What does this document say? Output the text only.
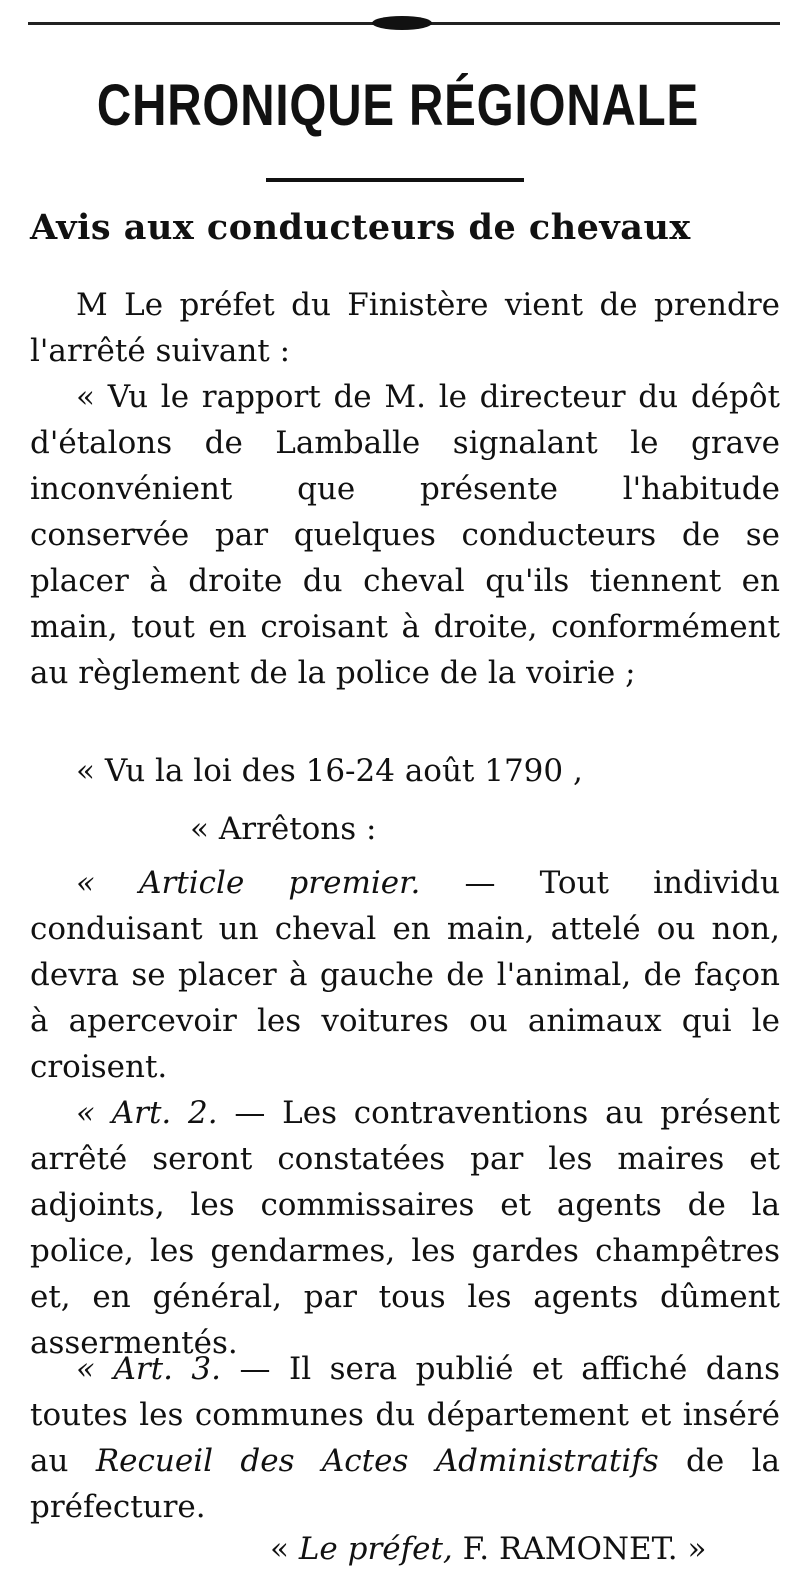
CHRONIQUE RÉGIONALE
Avis aux conducteurs de chevaux

M Le préfet du Finistère vient de prendre l'arrêté suivant :

« Vu le rapport de M. le directeur du dépôt d'étalons de Lamballe signalant le grave inconvénient que présente l'habitude conservée par quelques conducteurs de se placer à droite du cheval qu'ils tiennent en main, tout en croisant à droite, conformément au règlement de la police de la voirie ;

« Vu la loi des 16-24 août 1790 ,

« Arrêtons :

« Article premier. — Tout individu conduisant un cheval en main, attelé ou non, devra se placer à gauche de l'animal, de façon à apercevoir les voitures ou animaux qui le croisent.

« Art. 2. — Les contraventions au présent arrêté seront constatées par les maires et adjoints, les commissaires et agents de la police, les gendarmes, les gardes champêtres et, en général, par tous les agents dûment assermentés.

« Art. 3. — Il sera publié et affiché dans toutes les communes du département et inséré au Recueil des Actes Administratifs de la préfecture.

« Le préfet, F. RAMONET. »
